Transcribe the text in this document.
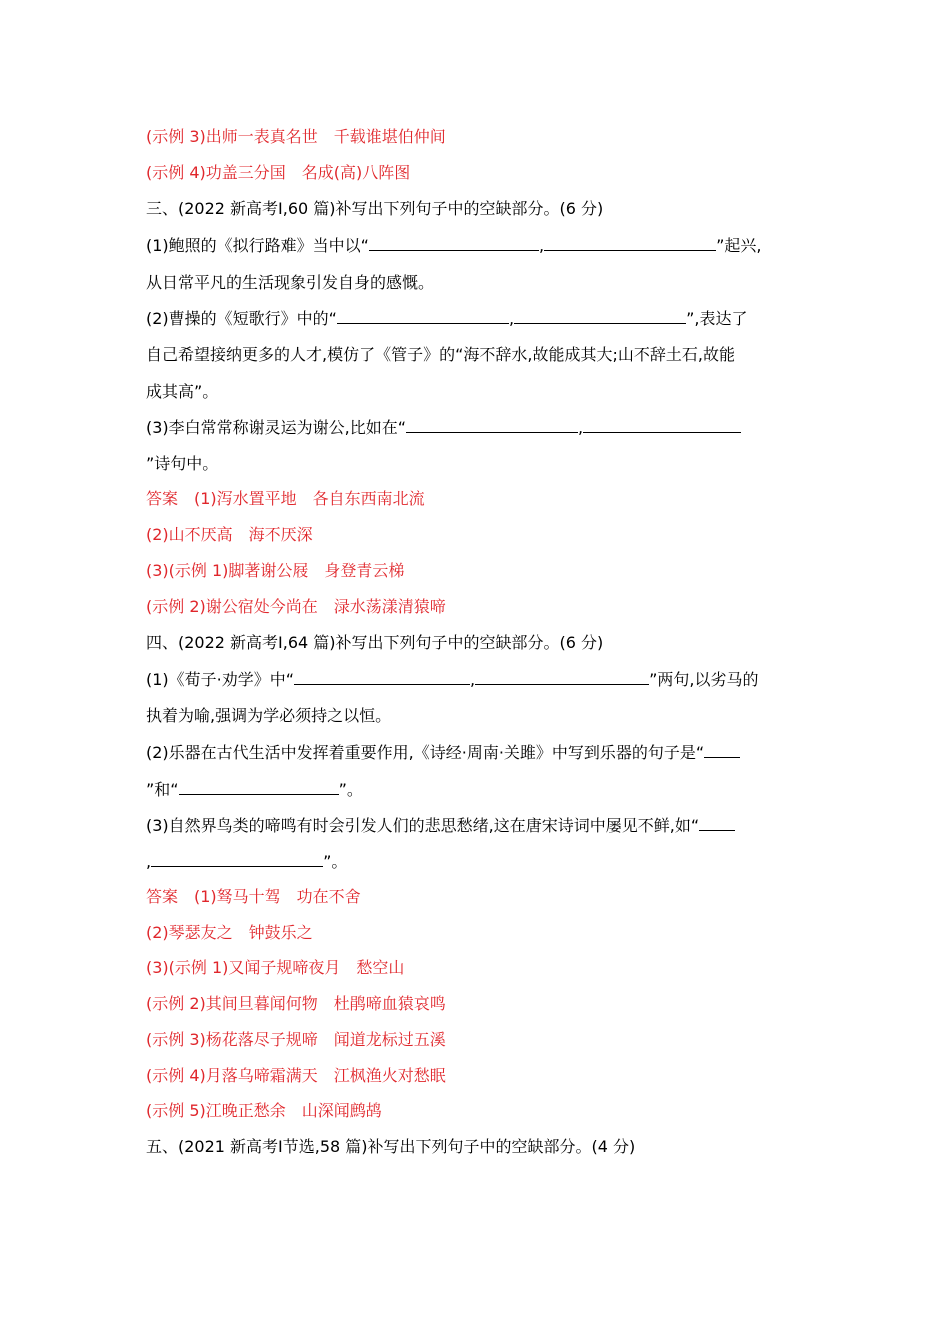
(示例 3)出师一表真名世　千载谁堪伯仲间
(示例 4)功盖三分国　名成(高)八阵图
三、(2022 新高考Ⅰ,60 篇)补写出下列句子中的空缺部分。(6 分)
(1)鲍照的《拟行路难》当中以“	,	”起兴,
从日常平凡的生活现象引发自身的感慨。
(2)曹操的《短歌行》中的“	,	”,表达了
自己希望接纳更多的人才,模仿了《管子》的“海不辞水,故能成其大;山不辞土石,故能
成其高”。
(3)李白常常称谢灵运为谢公,比如在“	,
”诗句中。
答案　(1)泻水置平地　各自东西南北流
(2)山不厌高　海不厌深
(3)(示例 1)脚著谢公屐　身登青云梯
(示例 2)谢公宿处今尚在　渌水荡漾清猿啼
四、(2022 新高考Ⅰ,64 篇)补写出下列句子中的空缺部分。(6 分)
(1)《荀子·劝学》中“	,	”两句,以劣马的
执着为喻,强调为学必须持之以恒。
(2)乐器在古代生活中发挥着重要作用,《诗经·周南·关雎》中写到乐器的句子是“
”和“	”。
(3)自然界鸟类的啼鸣有时会引发人们的悲思愁绪,这在唐宋诗词中屡见不鲜,如“
,	”。
答案　(1)驽马十驾　功在不舍
(2)琴瑟友之　钟鼓乐之
(3)(示例 1)又闻子规啼夜月　愁空山
(示例 2)其间旦暮闻何物　杜鹃啼血猿哀鸣
(示例 3)杨花落尽子规啼　闻道龙标过五溪
(示例 4)月落乌啼霜满天　江枫渔火对愁眠
(示例 5)江晚正愁余　山深闻鹧鸪
五、(2021 新高考Ⅰ节选,58 篇)补写出下列句子中的空缺部分。(4 分)
